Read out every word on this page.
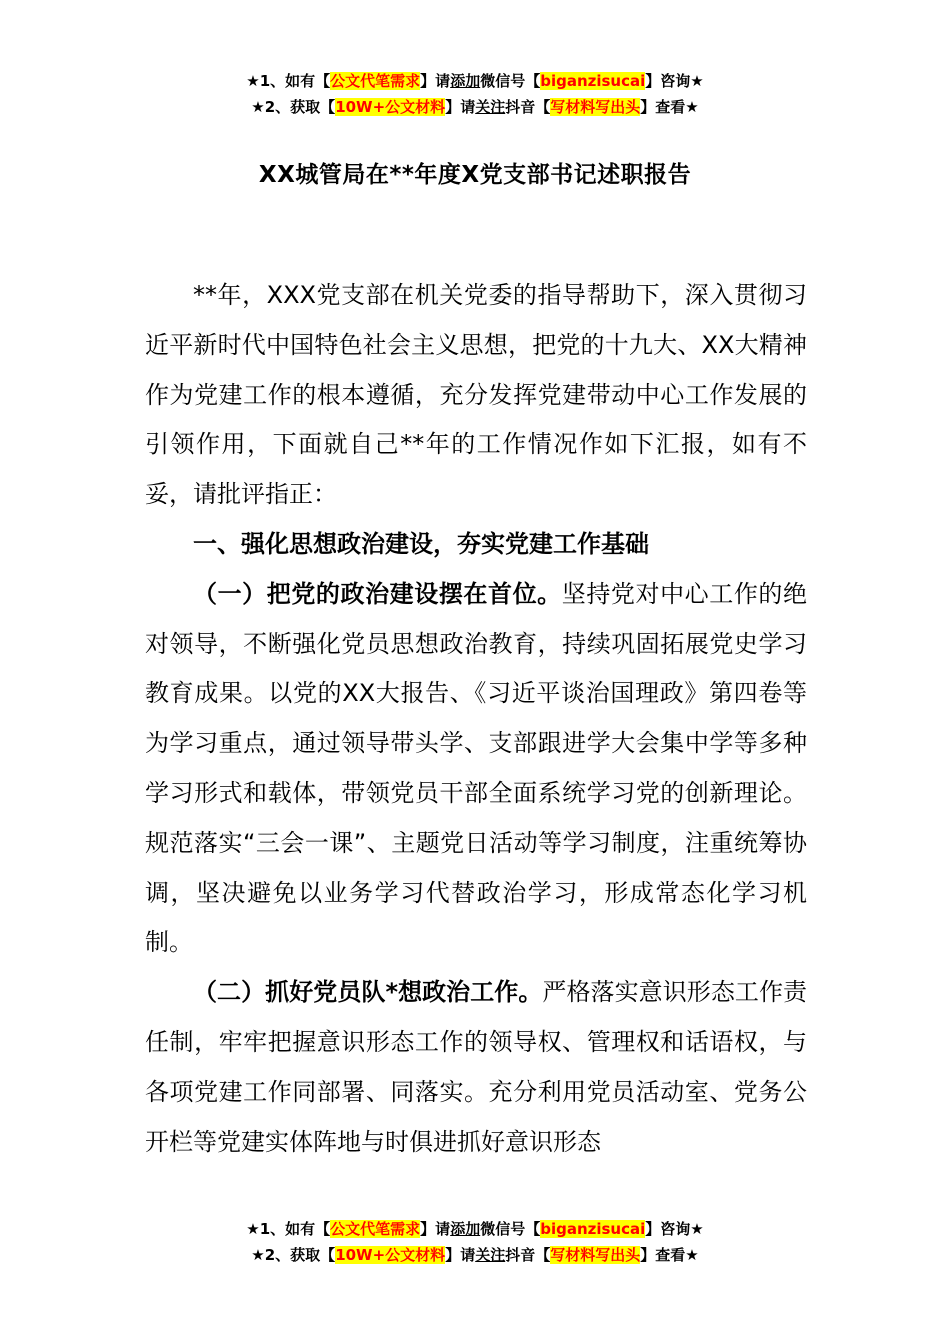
★1、如有【公文代笔需求】请添加微信号【biganzisucai】咨询★
★2、获取【10W+公文材料】请关注抖音【写材料写出头】查看★
XX城管局在**年度X党支部书记述职报告

**年，XXX党支部在机关党委的指导帮助下，深入贯彻习近平新时代中国特色社会主义思想，把党的十九大、XX大精神作为党建工作的根本遵循，充分发挥党建带动中心工作发展的引领作用，下面就自己**年的工作情况作如下汇报，如有不妥，请批评指正：

一、强化思想政治建设，夯实党建工作基础

（一）把党的政治建设摆在首位。坚持党对中心工作的绝对领导，不断强化党员思想政治教育，持续巩固拓展党史学习教育成果。以党的XX大报告、《习近平谈治国理政》第四卷等为学习重点，通过领导带头学、支部跟进学大会集中学等多种学习形式和载体，带领党员干部全面系统学习党的创新理论。规范落实“三会一课”、主题党日活动等学习制度，注重统筹协调，坚决避免以业务学习代替政治学习，形成常态化学习机制。

（二）抓好党员队*想政治工作。严格落实意识形态工作责任制，牢牢把握意识形态工作的领导权、管理权和话语权，与各项党建工作同部署、同落实。充分利用党员活动室、党务公开栏等党建实体阵地与时俱进抓好意识形态

★1、如有【公文代笔需求】请添加微信号【biganzisucai】咨询★
★2、获取【10W+公文材料】请关注抖音【写材料写出头】查看★
